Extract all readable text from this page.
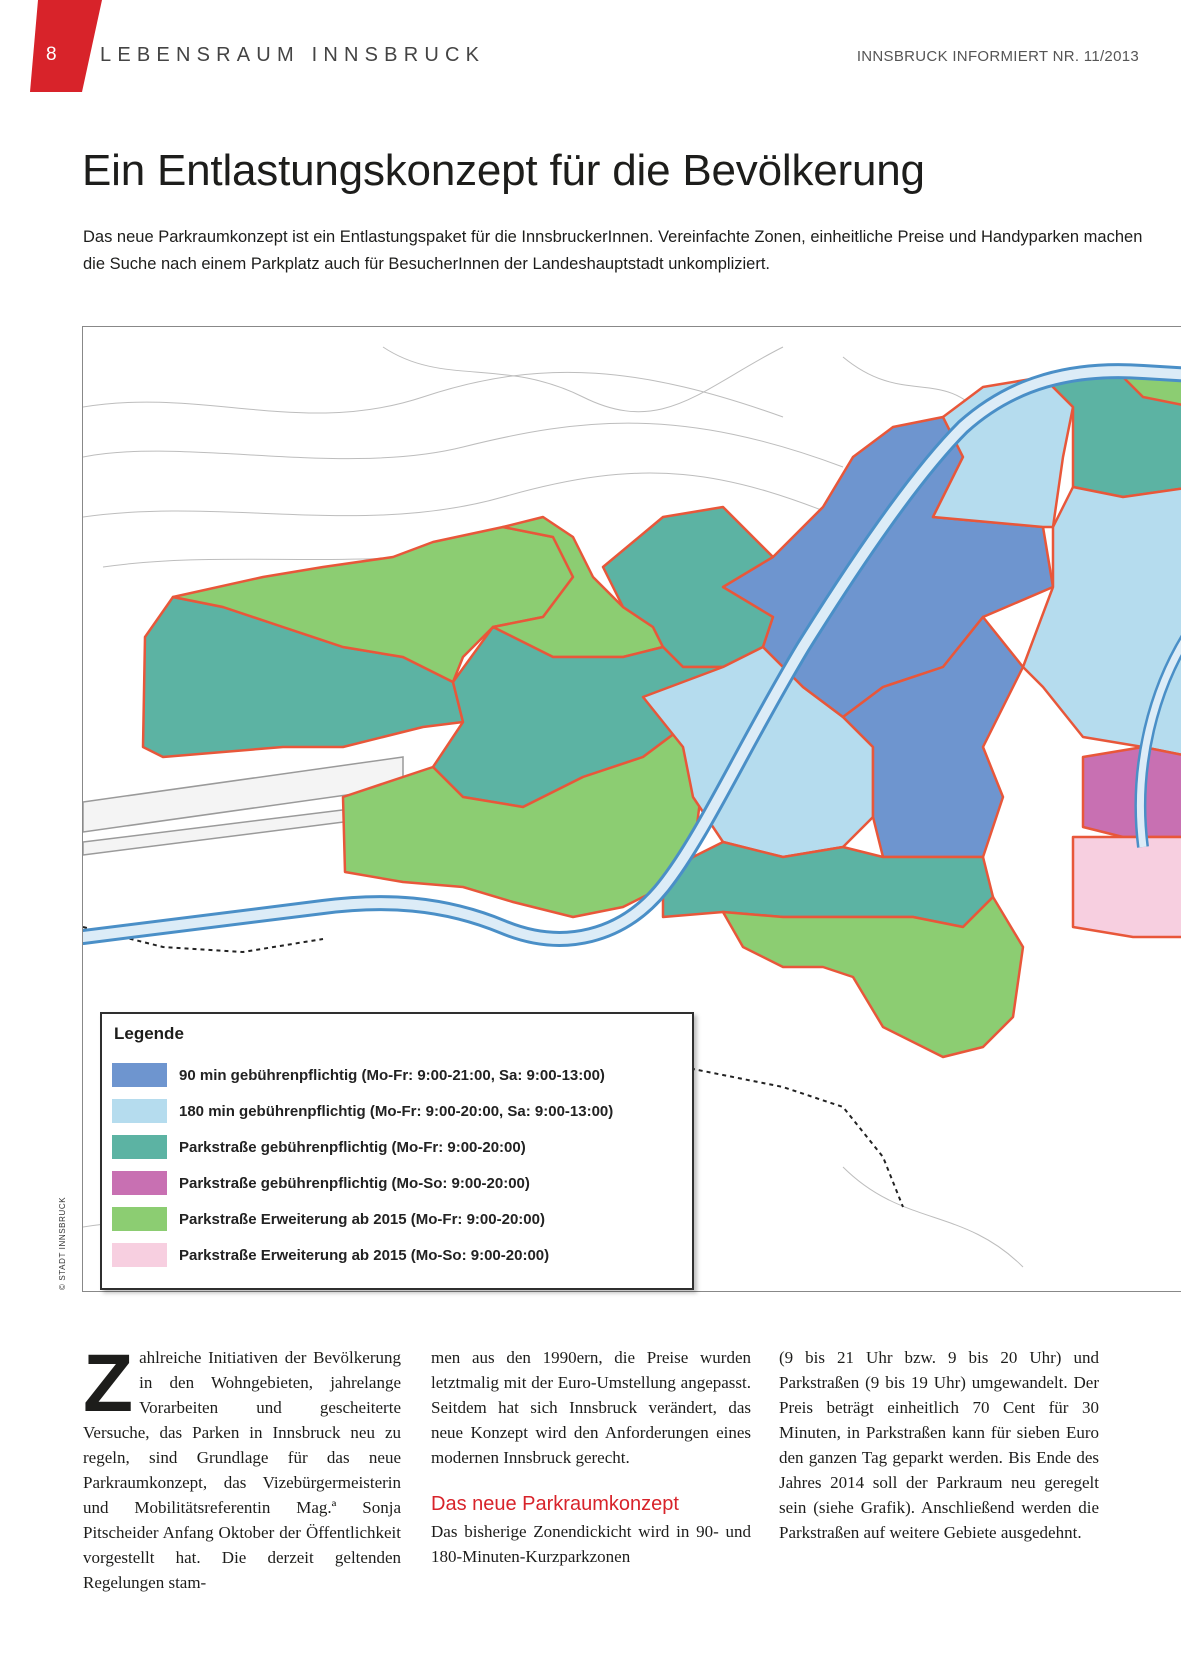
8 LEBENSRAUM INNSBRUCK	INNSBRUCK INFORMIERT NR. 11/2013
Ein Entlastungskonzept für die Bevölkerung
Das neue Parkraumkonzept ist ein Entlastungspaket für die InnsbruckerInnen. Vereinfachte Zonen, einheitliche Preise und Handyparken machen die Suche nach einem Parkplatz auch für BesucherInnen der Landeshauptstadt unkompliziert.
© STADT INNSBRUCK
Legende
90 min gebührenpflichtig (Mo-Fr: 9:00-21:00, Sa: 9:00-13:00)
180 min gebührenpflichtig (Mo-Fr: 9:00-20:00, Sa: 9:00-13:00)
Parkstraße gebührenpflichtig (Mo-Fr: 9:00-20:00)
Parkstraße gebührenpflichtig (Mo-So: 9:00-20:00)
Parkstraße Erweiterung ab 2015 (Mo-Fr: 9:00-20:00)
Parkstraße Erweiterung ab 2015 (Mo-So: 9:00-20:00)
Z ahlreiche Initiativen der Bevölkerung in den Wohngebieten, jahrelange Vorarbeiten und gescheiterte Versuche, das Parken in Innsbruck neu zu regeln, sind Grundlage für das neue Parkraumkonzept, das Vizebürgermeisterin und Mobilitätsreferentin Mag.ª Sonja Pitscheider Anfang Oktober der Öffentlichkeit vorgestellt hat. Die derzeit geltenden Regelungen stam-

men aus den 1990ern, die Preise wurden letztmalig mit der Euro-Umstellung angepasst. Seitdem hat sich Innsbruck verändert, das neue Konzept wird den Anforderungen eines modernen Innsbruck gerecht.

Das neue Parkraumkonzept

Das bisherige Zonendickicht wird in 90- und 180-Minuten-Kurzparkzonen

(9 bis 21 Uhr bzw. 9 bis 20 Uhr) und Parkstraßen (9 bis 19 Uhr) umgewandelt. Der Preis beträgt einheitlich 70 Cent für 30 Minuten, in Parkstraßen kann für sieben Euro den ganzen Tag geparkt werden. Bis Ende des Jahres 2014 soll der Parkraum neu geregelt sein (siehe Grafik). Anschließend werden die Parkstraßen auf weitere Gebiete ausgedehnt.
